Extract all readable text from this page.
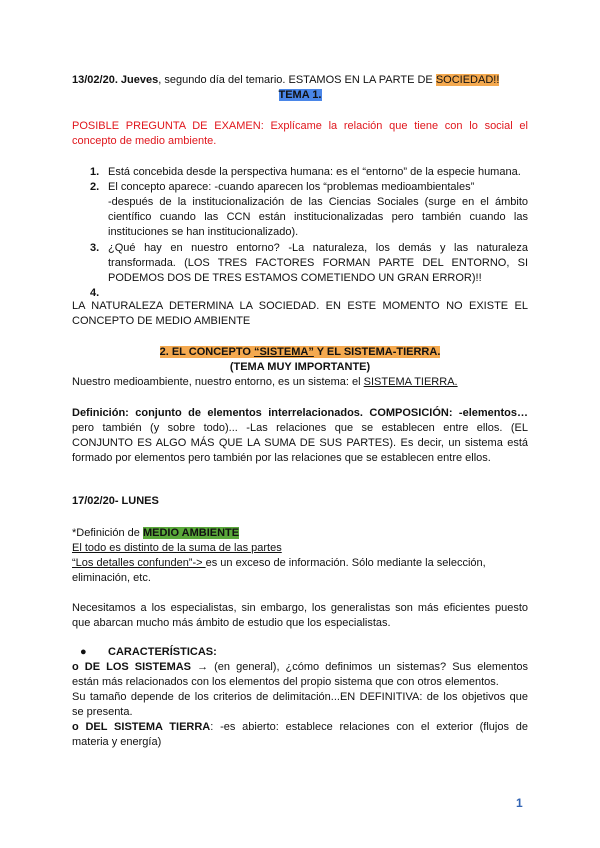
13/02/20. Jueves, segundo día del temario. ESTAMOS EN LA PARTE DE SOCIEDAD!!
TEMA 1.
POSIBLE PREGUNTA DE EXAMEN: Explícame la relación que tiene con lo social el
concepto de medio ambiente.
1. Está concebida desde la perspectiva humana: es el “entorno” de la especie humana.
2. El concepto aparece: -cuando aparecen los “problemas medioambientales”
-después de la institucionalización de las Ciencias Sociales (surge en el ámbito
científico cuando las CCN están institucionalizadas pero también cuando las
instituciones se han institucionalizado).
3. ¿Qué hay en nuestro entorno? -La naturaleza, los demás y las naturaleza
transformada. (LOS TRES FACTORES FORMAN PARTE DEL ENTORNO, SI
PODEMOS DOS DE TRES ESTAMOS COMETIENDO UN GRAN ERROR)!!
4.
LA NATURALEZA DETERMINA LA SOCIEDAD. EN ESTE MOMENTO NO EXISTE EL
CONCEPTO DE MEDIO AMBIENTE
2. EL CONCEPTO “SISTEMA” Y EL SISTEMA-TIERRA.
(TEMA MUY IMPORTANTE)
Nuestro medioambiente, nuestro entorno, es un sistema: el SISTEMA TIERRA.
Definición: conjunto de elementos interrelacionados. COMPOSICIÓN: -elementos…
pero también (y sobre todo)... -Las relaciones que se establecen entre ellos. (EL
CONJUNTO ES ALGO MÁS QUE LA SUMA DE SUS PARTES). Es decir, un sistema está
formado por elementos pero también por las relaciones que se establecen entre ellos.
17/02/20- LUNES
*Definición de MEDIO AMBIENTE
El todo es distinto de la suma de las partes
“Los detalles confunden”-> es un exceso de información. Sólo mediante la selección,
eliminación, etc.
Necesitamos a los especialistas, sin embargo, los generalistas son más eficientes puesto
que abarcan mucho más ámbito de estudio que los especialistas.
● CARACTERÍSTICAS:
o DE LOS SISTEMAS → (en general), ¿cómo definimos un sistemas? Sus elementos
están más relacionados con los elementos del propio sistema que con otros elementos.
Su tamaño depende de los criterios de delimitación...EN DEFINITIVA: de los objetivos que
se presenta.
o DEL SISTEMA TIERRA: -es abierto: establece relaciones con el exterior (flujos de
materia y energía)
1
